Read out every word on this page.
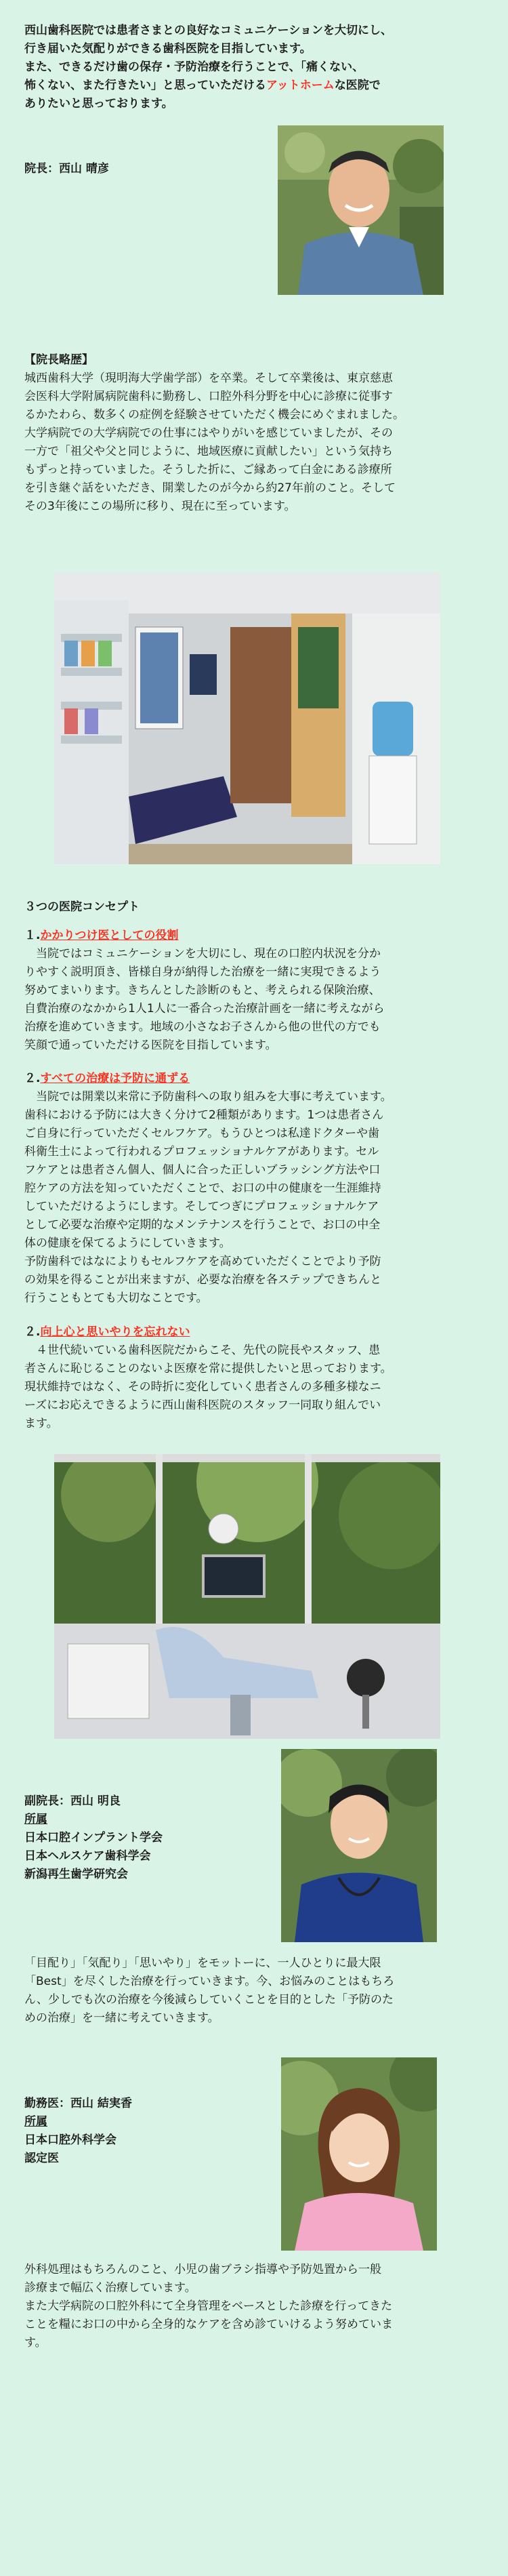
西山歯科医院では患者さまとの良好なコミュニケーションを大切にし、
行き届いた気配りができる歯科医院を目指しています。
また、できるだけ歯の保存・予防治療を行うことで、「痛くない、
怖くない、また行きたい」と思っていただけるアットホームな医院で
ありたいと思っております。
院長：西山 晴彦
【院長略歴】
城西歯科大学（現明海大学歯学部）を卒業。そして卒業後は、東京慈恵
会医科大学附属病院歯科に勤務し、口腔外科分野を中心に診療に従事す
るかたわら、数多くの症例を経験させていただく機会にめぐまれました。
大学病院での大学病院での仕事にはやりがいを感じていましたが、その
一方で「祖父や父と同じように、地域医療に貢献したい」という気持ち
もずっと持っていました。そうした折に、ご縁あって白金にある診療所
を引き継ぐ話をいただき、開業したのが今から約27年前のこと。そして
その3年後にこの場所に移り、現在に至っています。
３つの医院コンセプト
１.かかりつけ医としての役割
当院ではコミュニケーションを大切にし、現在の口腔内状況を分か
りやすく説明頂き、皆様自身が納得した治療を一緒に実現できるよう
努めてまいります。きちんとした診断のもと、考えられる保険治療、
自費治療のなかから1人1人に一番合った治療計画を一緒に考えながら
治療を進めていきます。地域の小さなお子さんから他の世代の方でも
笑顔で通っていただける医院を目指しています。
２.すべての治療は予防に通ずる
当院では開業以来常に予防歯科への取り組みを大事に考えています。
歯科における予防には大きく分けて2種類があります。1つは患者さん
ご自身に行っていただくセルフケア。もうひとつは私達ドクターや歯
科衛生士によって行われるプロフェッショナルケアがあります。セル
フケアとは患者さん個人、個人に合った正しいブラッシング方法や口
腔ケアの方法を知っていただくことで、お口の中の健康を一生涯維持
していただけるようにします。そしてつぎにプロフェッショナルケア
として必要な治療や定期的なメンテナンスを行うことで、お口の中全
体の健康を保てるようにしていきます。
予防歯科ではなによりもセルフケアを高めていただくことでより予防
の効果を得ることが出来ますが、必要な治療を各ステップできちんと
行うこともとても大切なことです。
２.向上心と思いやりを忘れない
４世代続いている歯科医院だからこそ、先代の院長やスタッフ、患
者さんに恥じることのないよ医療を常に提供したいと思っております。
現状維持ではなく、その時折に変化していく患者さんの多種多様なニ
ーズにお応えできるように西山歯科医院のスタッフ一同取り組んでい
ます。
副院長：西山 明良
所属
日本口腔インプラント学会
日本ヘルスケア歯科学会
新潟再生歯学研究会
「目配り」「気配り」「思いやり」をモットーに、一人ひとりに最大限
「Best」を尽くした治療を行っていきます。今、お悩みのことはもちろ
ん、少しでも次の治療を今後減らしていくことを目的とした「予防のた
めの治療」を一緒に考えていきます。
勤務医：西山 結実香
所属
日本口腔外科学会
認定医
外科処理はもちろんのこと、小児の歯ブラシ指導や予防処置から一般
診療まで幅広く治療しています。
また大学病院の口腔外科にて全身管理をベースとした診療を行ってきた
ことを糧にお口の中から全身的なケアを含め診ていけるよう努めていま
す。
